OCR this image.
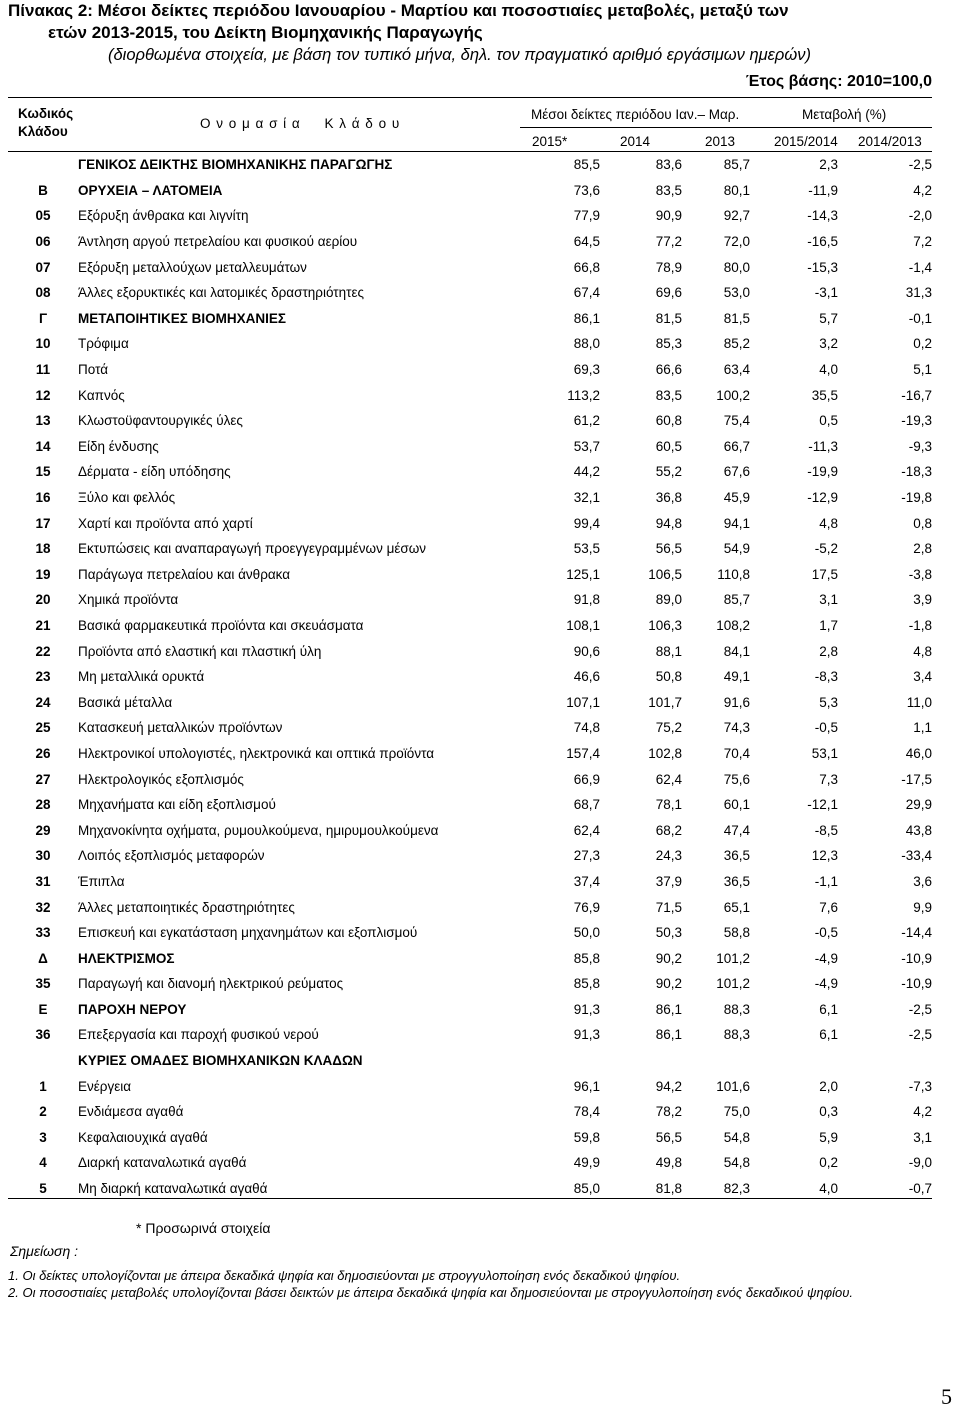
Πίνακας 2: Μέσοι δείκτες περιόδου Ιανουαρίου - Μαρτίου και ποσοστιαίες μεταβολές, μεταξύ των
ετών 2013-2015, του Δείκτη Βιομηχανικής Παραγωγής
(διορθωμένα στοιχεία, με βάση τον τυπικό μήνα, δηλ. τον πραγματικό αριθμό εργάσιμων ημερών)
Έτος βάσης: 2010=100,0
Κωδικός
Κλάδου
Ο ν ο μ α σ ί α     Κ λ ά δ ο υ
Μέσοι δείκτες περιόδου Ιαν.– Μαρ.	Μεταβολή (%)
2015*	2014	2013	2015/2014 2014/2013
	ΓΕΝΙΚΟΣ ΔΕΙΚΤΗΣ ΒΙΟΜΗΧΑΝΙΚΗΣ ΠΑΡΑΓΩΓΗΣ	85,5	83,6	85,7	2,3	-2,5
B	ΟΡΥΧΕΙΑ – ΛΑΤΟΜΕΙΑ	73,6	83,5	80,1	-11,9	4,2
05	Εξόρυξη άνθρακα και λιγνίτη	77,9	90,9	92,7	-14,3	-2,0
06	Άντληση αργού πετρελαίου και φυσικού αερίου	64,5	77,2	72,0	-16,5	7,2
07	Εξόρυξη μεταλλούχων μεταλλευμάτων	66,8	78,9	80,0	-15,3	-1,4
08	Άλλες εξορυκτικές και λατομικές δραστηριότητες	67,4	69,6	53,0	-3,1	31,3
Γ	ΜΕΤΑΠΟΙΗΤΙΚΕΣ ΒΙΟΜΗΧΑΝΙΕΣ	86,1	81,5	81,5	5,7	-0,1
10	Τρόφιμα	88,0	85,3	85,2	3,2	0,2
11	Ποτά	69,3	66,6	63,4	4,0	5,1
12	Καπνός	113,2	83,5	100,2	35,5	-16,7
13	Κλωστοϋφαντουργικές ύλες	61,2	60,8	75,4	0,5	-19,3
14	Είδη ένδυσης	53,7	60,5	66,7	-11,3	-9,3
15	Δέρματα - είδη υπόδησης	44,2	55,2	67,6	-19,9	-18,3
16	Ξύλο και φελλός	32,1	36,8	45,9	-12,9	-19,8
17	Χαρτί και προϊόντα από χαρτί	99,4	94,8	94,1	4,8	0,8
18	Εκτυπώσεις και αναπαραγωγή προεγγεγραμμένων μέσων	53,5	56,5	54,9	-5,2	2,8
19	Παράγωγα πετρελαίου και άνθρακα	125,1	106,5	110,8	17,5	-3,8
20	Χημικά προϊόντα	91,8	89,0	85,7	3,1	3,9
21	Βασικά φαρμακευτικά προϊόντα και σκευάσματα	108,1	106,3	108,2	1,7	-1,8
22	Προϊόντα από ελαστική και πλαστική ύλη	90,6	88,1	84,1	2,8	4,8
23	Μη μεταλλικά ορυκτά	46,6	50,8	49,1	-8,3	3,4
24	Βασικά μέταλλα	107,1	101,7	91,6	5,3	11,0
25	Κατασκευή μεταλλικών προϊόντων	74,8	75,2	74,3	-0,5	1,1
26	Ηλεκτρονικοί υπολογιστές, ηλεκτρονικά και οπτικά προϊόντα	157,4	102,8	70,4	53,1	46,0
27	Ηλεκτρολογικός εξοπλισμός	66,9	62,4	75,6	7,3	-17,5
28	Μηχανήματα και είδη εξοπλισμού	68,7	78,1	60,1	-12,1	29,9
29	Μηχανοκίνητα οχήματα, ρυμουλκούμενα, ημιρυμουλκούμενα	62,4	68,2	47,4	-8,5	43,8
30	Λοιπός εξοπλισμός μεταφορών	27,3	24,3	36,5	12,3	-33,4
31	Έπιπλα	37,4	37,9	36,5	-1,1	3,6
32	Άλλες μεταποιητικές δραστηριότητες	76,9	71,5	65,1	7,6	9,9
33	Επισκευή και εγκατάσταση μηχανημάτων και εξοπλισμού	50,0	50,3	58,8	-0,5	-14,4
Δ	ΗΛΕΚΤΡΙΣΜΟΣ	85,8	90,2	101,2	-4,9	-10,9
35	Παραγωγή και διανομή ηλεκτρικού ρεύματος	85,8	90,2	101,2	-4,9	-10,9
E	ΠΑΡΟΧΗ ΝΕΡΟΥ	91,3	86,1	88,3	6,1	-2,5
36	Επεξεργασία και παροχή φυσικού νερού	91,3	86,1	88,3	6,1	-2,5
	ΚΥΡΙΕΣ ΟΜΑΔΕΣ ΒΙΟΜΗΧΑΝΙΚΩΝ ΚΛΑΔΩΝ					
1	Ενέργεια	96,1	94,2	101,6	2,0	-7,3
2	Ενδιάμεσα αγαθά	78,4	78,2	75,0	0,3	4,2
3	Κεφαλαιουχικά αγαθά	59,8	56,5	54,8	5,9	3,1
4	Διαρκή καταναλωτικά αγαθά	49,9	49,8	54,8	0,2	-9,0
5	Μη διαρκή καταναλωτικά αγαθά	85,0	81,8	82,3	4,0	-0,7
* Προσωρινά στοιχεία
Σημείωση :
1. Οι δείκτες υπολογίζονται με άπειρα δεκαδικά ψηφία και δημοσιεύονται με στρογγυλοποίηση ενός δεκαδικού ψηφίου.
2. Οι ποσοστιαίες μεταβολές υπολογίζονται βάσει δεικτών με άπειρα δεκαδικά ψηφία και δημοσιεύονται με στρογγυλοποίηση ενός δεκαδικού ψηφίου.
5
